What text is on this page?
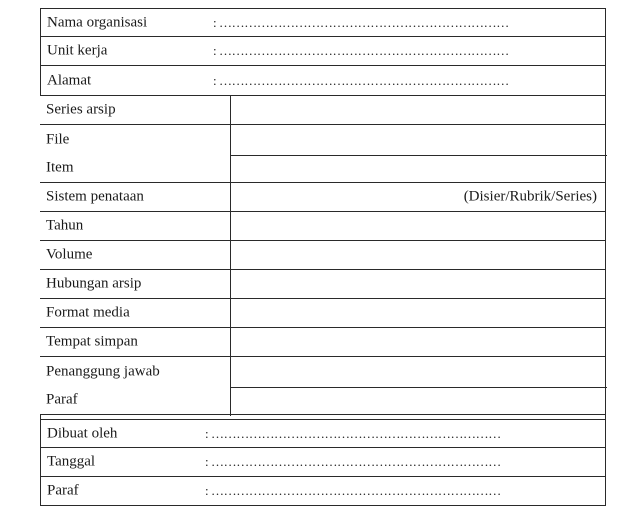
Nama organisasi	: ……………………………………………………………
Unit kerja	: ……………………………………………………………
Alamat	: ……………………………………………………………
Series arsip
File
Item
Sistem penataan	(Disier/Rubrik/Series)
Tahun
Volume
Hubungan arsip
Format media
Tempat simpan
Penanggung jawab
Paraf
Dibuat oleh	: ……………………………………………………………
Tanggal	: ……………………………………………………………
Paraf	: ……………………………………………………………
